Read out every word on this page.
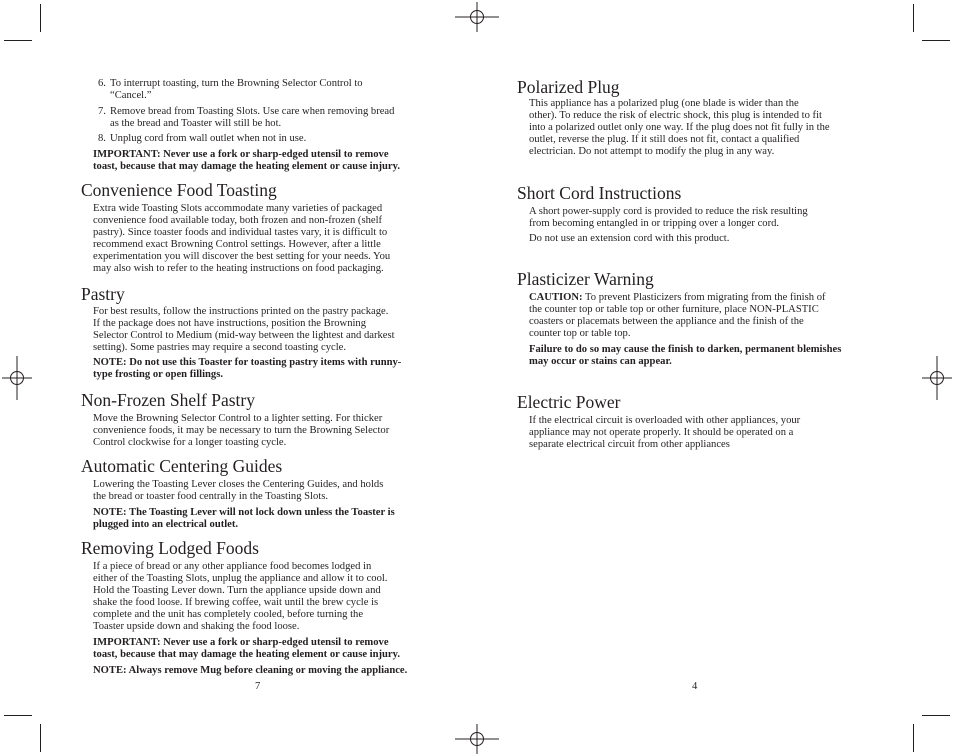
6. To interrupt toasting, turn the Browning Selector Control to
“Cancel.”
7. Remove bread from Toasting Slots. Use care when removing bread
as the bread and Toaster will still be hot.
8. Unplug cord from wall outlet when not in use.

IMPORTANT: Never use a fork or sharp-edged utensil to remove

toast, because that may damage the heating element or cause injury.

Convenience Food Toasting

Extra wide Toasting Slots accommodate many varieties of packaged

convenience food available today, both frozen and non-frozen (shelf

pastry). Since toaster foods and individual tastes vary, it is difficult to

recommend exact Browning Control settings. However, after a little

experimentation you will discover the best setting for your needs. You

may also wish to refer to the heating instructions on food packaging.

Pastry

For best results, follow the instructions printed on the pastry package.

If the package does not have instructions, position the Browning

Selector Control to Medium (mid-way between the lightest and darkest

setting). Some pastries may require a second toasting cycle.

NOTE: Do not use this Toaster for toasting pastry items with runny-

type frosting or open fillings.

Non-Frozen Shelf Pastry

Move the Browning Selector Control to a lighter setting. For thicker

convenience foods, it may be necessary to turn the Browning Selector

Control clockwise for a longer toasting cycle.

Automatic Centering Guides

Lowering the Toasting Lever closes the Centering Guides, and holds

the bread or toaster food centrally in the Toasting Slots.

NOTE: The Toasting Lever will not lock down unless the Toaster is

plugged into an electrical outlet.

Removing Lodged Foods

If a piece of bread or any other appliance food becomes lodged in

either of the Toasting Slots, unplug the appliance and allow it to cool.

Hold the Toasting Lever down. Turn the appliance upside down and

shake the food loose. If brewing coffee, wait until the brew cycle is

complete and the unit has completely cooled, before turning the

Toaster upside down and shaking the food loose.

IMPORTANT: Never use a fork or sharp-edged utensil to remove

toast, because that may damage the heating element or cause injury.

NOTE: Always remove Mug before cleaning or moving the appliance.

7
Polarized Plug

This appliance has a polarized plug (one blade is wider than the

other). To reduce the risk of electric shock, this plug is intended to fit

into a polarized outlet only one way. If the plug does not fit fully in the

outlet, reverse the plug. If it still does not fit, contact a qualified

electrician. Do not attempt to modify the plug in any way.

Short Cord Instructions

A short power-supply cord is provided to reduce the risk resulting

from becoming entangled in or tripping over a longer cord.

Do not use an extension cord with this product.

Plasticizer Warning

CAUTION: To prevent Plasticizers from migrating from the finish of

the counter top or table top or other furniture, place NON-PLASTIC

coasters or placemats between the appliance and the finish of the

counter top or table top.

Failure to do so may cause the finish to darken, permanent blemishes

may occur or stains can appear.

Electric Power

If the electrical circuit is overloaded with other appliances, your

appliance may not operate properly. It should be operated on a

separate electrical circuit from other appliances

4
